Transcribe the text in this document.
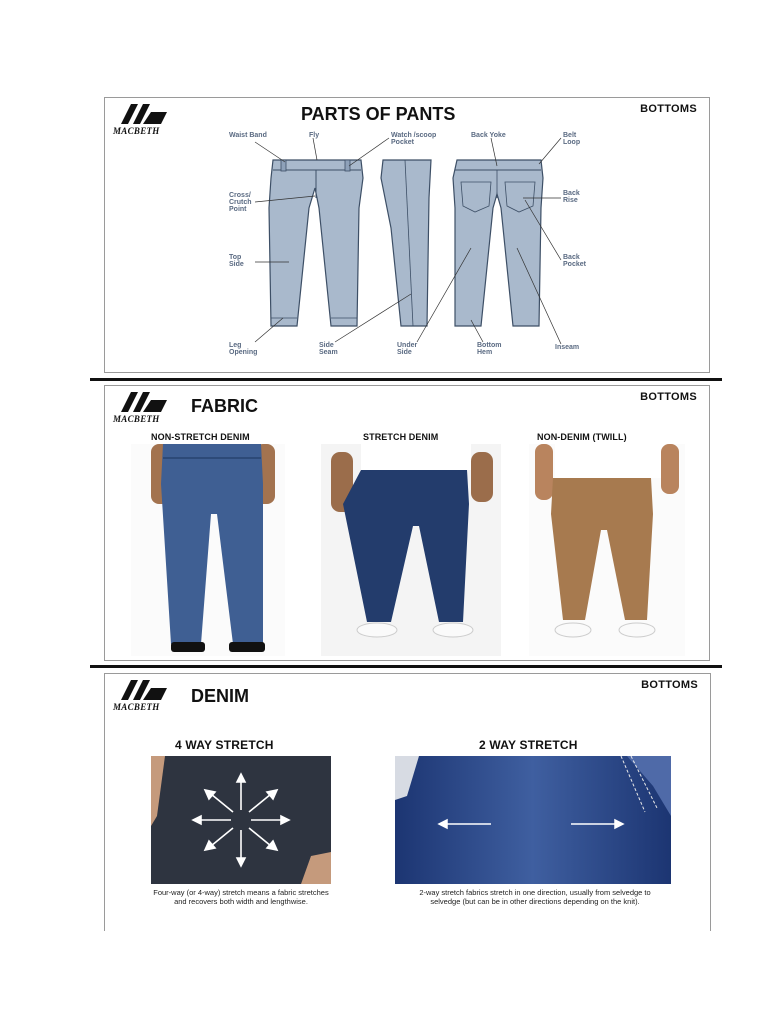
MACBETH
PARTS OF PANTS	BOTTOMS
Waist Band	Fly	Watch /scoop Pocket
Back Yoke	Belt Loop
Cross/ Crutch Point
Back Rise
Top Side
Back Pocket
Leg Opening
Side Seam
Under Side
Bottom Hem
Inseam
MACBETH
FABRIC	BOTTOMS
NON-STRETCH DENIM	STRETCH DENIM	NON-DENIM (TWILL)
MACBETH
DENIM
BOTTOMS
4 WAY STRETCH	2 WAY STRETCH
Four-way (or 4-way) stretch means a fabric stretches and recovers both width and lengthwise.
2-way stretch fabrics stretch in one direction, usually from selvedge to selvedge (but can be in other directions depending on the knit).
